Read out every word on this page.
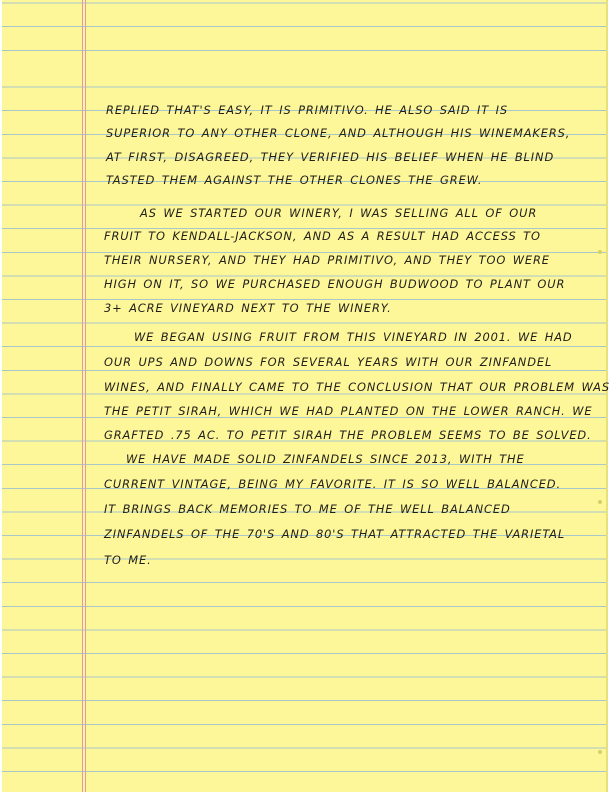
REPLIED THAT'S EASY, IT IS PRIMITIVO. HE ALSO SAID IT IS
SUPERIOR TO ANY OTHER CLONE, AND ALTHOUGH HIS WINEMAKERS,
AT FIRST, DISAGREED, THEY VERIFIED HIS BELIEF WHEN HE BLIND
TASTED THEM AGAINST THE OTHER CLONES THE GREW.
AS WE STARTED OUR WINERY, I WAS SELLING ALL OF OUR
FRUIT TO KENDALL-JACKSON, AND AS A RESULT HAD ACCESS TO
THEIR NURSERY, AND THEY HAD PRIMITIVO, AND THEY TOO WERE
HIGH ON IT, SO WE PURCHASED ENOUGH BUDWOOD TO PLANT OUR
3+ ACRE VINEYARD NEXT TO THE WINERY.
WE BEGAN USING FRUIT FROM THIS VINEYARD IN 2001. WE HAD
OUR UPS AND DOWNS FOR SEVERAL YEARS WITH OUR ZINFANDEL
WINES, AND FINALLY CAME TO THE CONCLUSION THAT OUR PROBLEM WAS
THE PETIT SIRAH, WHICH WE HAD PLANTED ON THE LOWER RANCH. WE
GRAFTED .75 AC. TO PETIT SIRAH THE PROBLEM SEEMS TO BE SOLVED.
WE HAVE MADE SOLID ZINFANDELS SINCE 2013, WITH THE
CURRENT VINTAGE, BEING MY FAVORITE. IT IS SO WELL BALANCED.
IT BRINGS BACK MEMORIES TO ME OF THE WELL BALANCED
ZINFANDELS OF THE 70'S AND 80'S THAT ATTRACTED THE VARIETAL
TO ME.
